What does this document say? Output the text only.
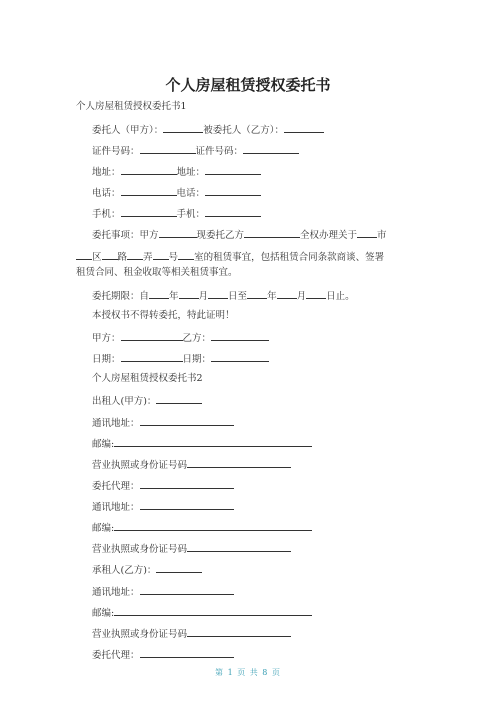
个人房屋租赁授权委托书
个人房屋租赁授权委托书1
委托人（甲方）：	被委托人（乙方）：
证件号码：	证件号码：
地址：	地址：
电话：	电话：
手机：	手机：
委托事项：甲方	现委托乙方	全权办理关于 市
区 路 弄 号 室的租赁事宜，包括租赁合同条款商谈、签署
租赁合同、租金收取等相关租赁事宜。
委托期限：自 年 月 日至 年 月 日止。
本授权书不得转委托，特此证明！
甲方：	乙方：
日期：	日期：
个人房屋租赁授权委托书2
出租人(甲方)：
通讯地址：
邮编:
营业执照或身份证号码
委托代理：
通讯地址：
邮编:
营业执照或身份证号码
承租人(乙方)：
通讯地址：
邮编:
营业执照或身份证号码
委托代理：
第 1 页 共 8 页
